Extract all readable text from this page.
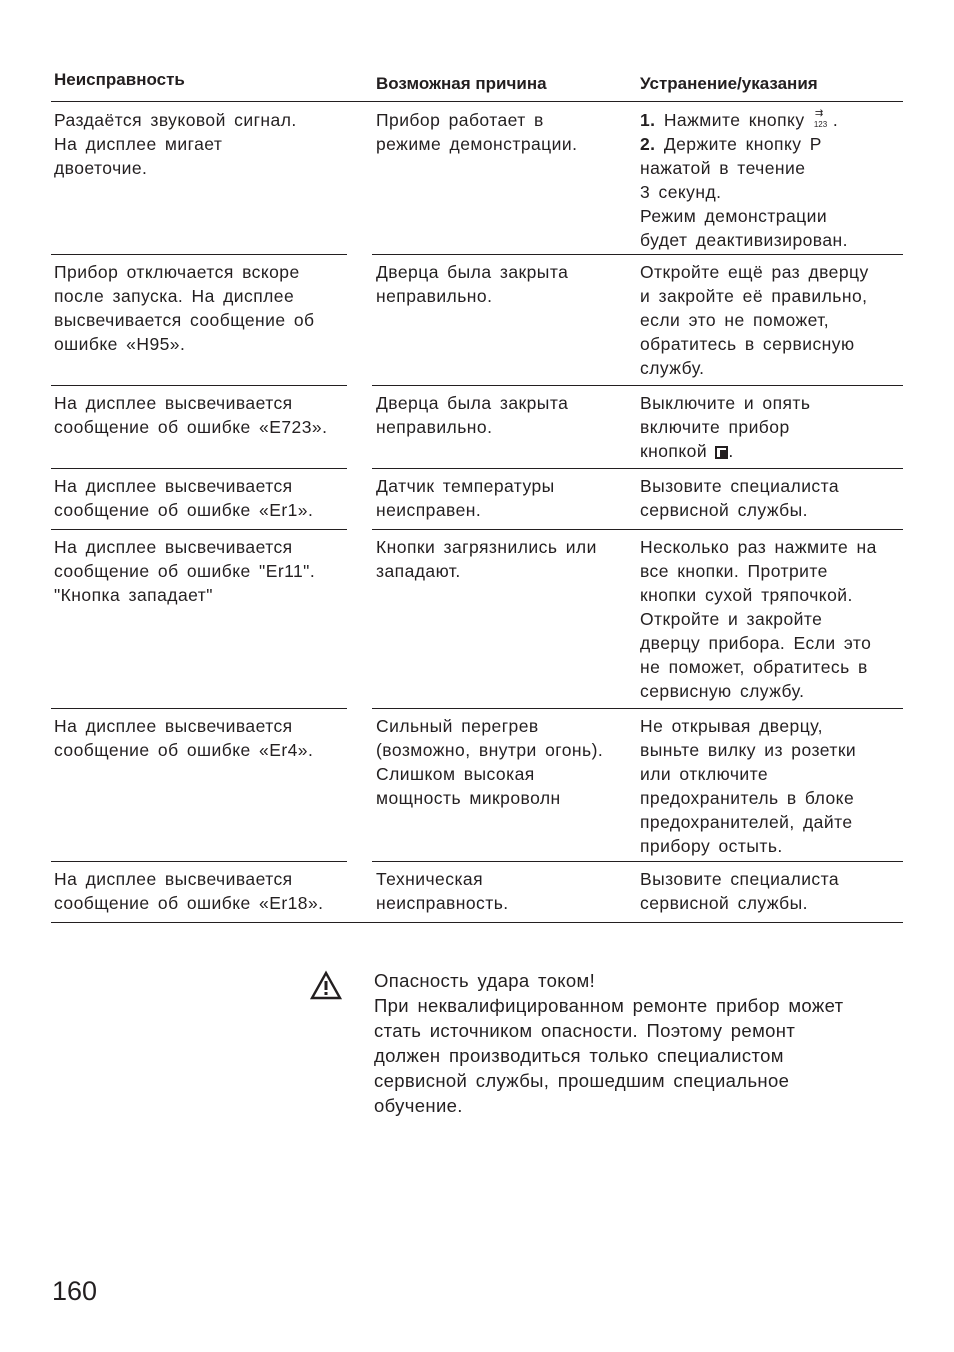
Неисправность	Возможная причина	Устранение/указания
Раздаётся звуковой сигнал.
На дисплее мигает
двоеточие.
Прибор работает в
режиме демонстрации.
1. Нажмите кнопку ⇉
123 .
2. Держите кнопку P
нажатой в течение
3 секунд.
Режим демонстрации
будет деактивизирован.
Прибор отключается вскоре
после запуска. На дисплее
высвечивается сообщение об
ошибке «H95».
Дверца была закрыта
неправильно.
Откройте ещё раз дверцу
и закройте её правильно,
если это не поможет,
обратитесь в сервисную
службу.
На дисплее высвечивается
сообщение об ошибке «E723».
Дверца была закрыта
неправильно.
Выключите и опять
включите прибор
кнопкой .
На дисплее высвечивается
сообщение об ошибке «Er1».
Датчик температуры
неисправен.
Вызовите специалиста
сервисной службы.
На дисплее высвечивается
сообщение об ошибке "Er11".
"Кнопка западает"
Кнопки загрязнились или
западают.
Несколько раз нажмите на
все кнопки. Протрите
кнопки сухой тряпочкой.
Откройте и закройте
дверцу прибора. Если это
не поможет, обратитесь в
сервисную службу.
На дисплее высвечивается
сообщение об ошибке «Er4».
Сильный перегрев
(возможно, внутри огонь).
Слишком высокая
мощность микроволн
Не открывая дверцу,
выньте вилку из розетки
или отключите
предохранитель в блоке
предохранителей, дайте
прибору остыть.
На дисплее высвечивается
сообщение об ошибке «Er18».
Техническая
неисправность.
Вызовите специалиста
сервисной службы.
Опасность удара током!
При неквалифицированном ремонте прибор может
стать источником опасности. Поэтому ремонт
должен производиться только специалистом
сервисной службы, прошедшим специальное
обучение.
160
